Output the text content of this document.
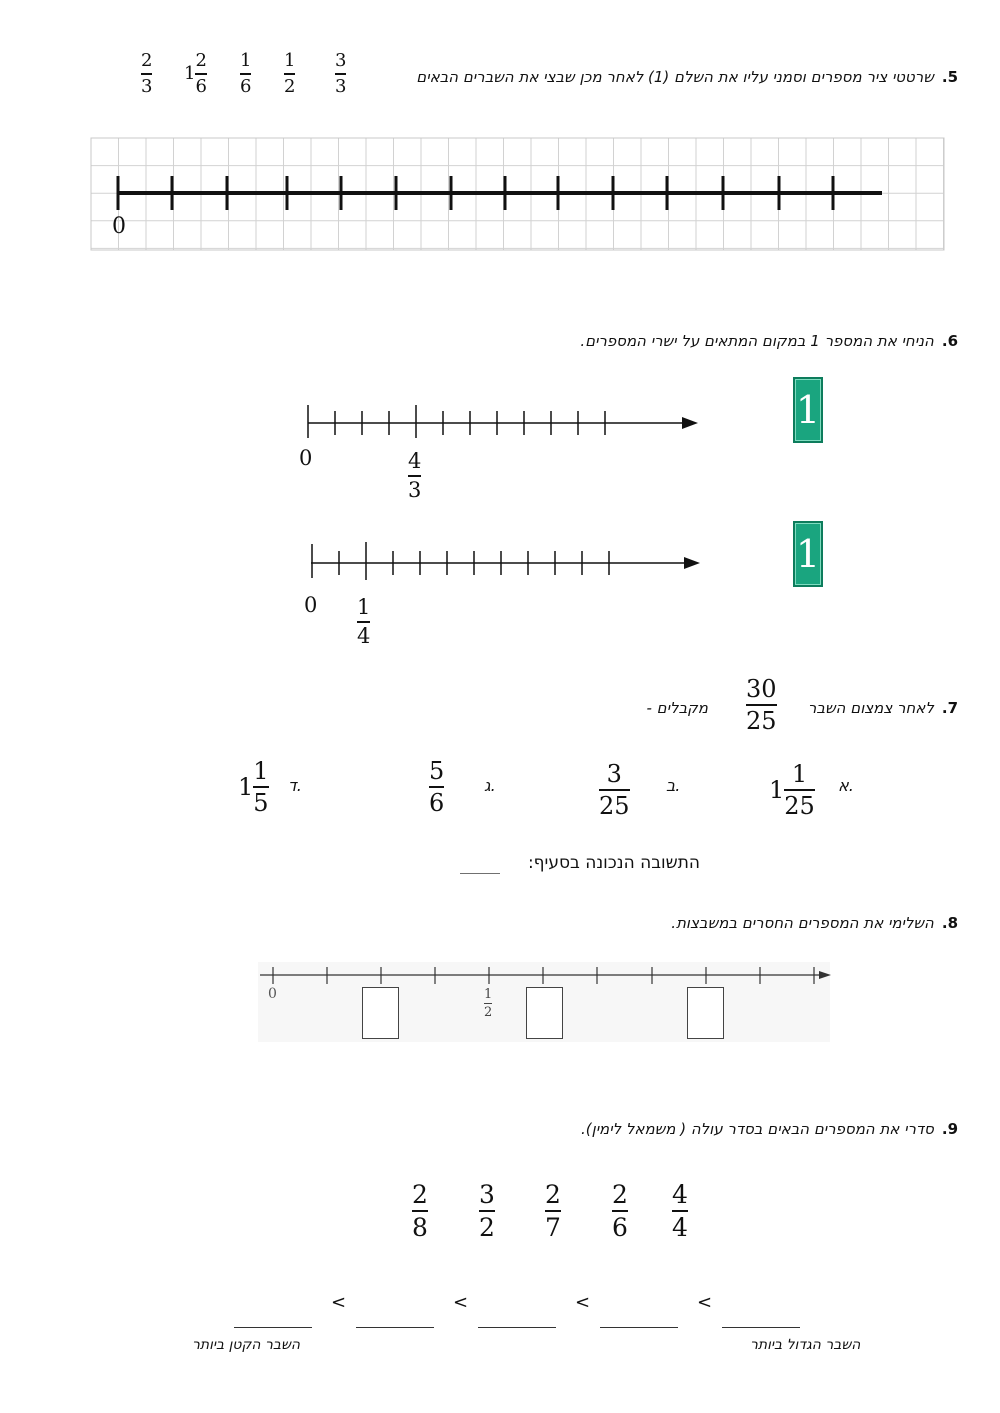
5.שרטטי ציר מספרים וסמני עליו את השלם (1) לאחר מכן שבצי את השברים הבאים
3
3
1
2
1
6
$1 \frac{2}{6}$
2
3
0
6.הניחי את המספר 1 במקום המתאים על ישרי המספרים.
0	4
3
1
0 1
4
1
7.לאחר צמצום השבר
מקבלים -
30
25
א.
$1 \frac{1}{25}$
ב.
3
25
ג.
5
6
ד.
$1 \frac{1}{5}$
התשובה הנכונה בסעיף:
_____
8.השלימי את המספרים החסרים במשבצות.
0	1
2
9.סדרי את המספרים הבאים בסדר עולה ( משמאל לימין).
4
4
2
6
2
7
3
2
2
8
<
<
<
<
השבר הגדול ביותר
השבר הקטן ביותר
